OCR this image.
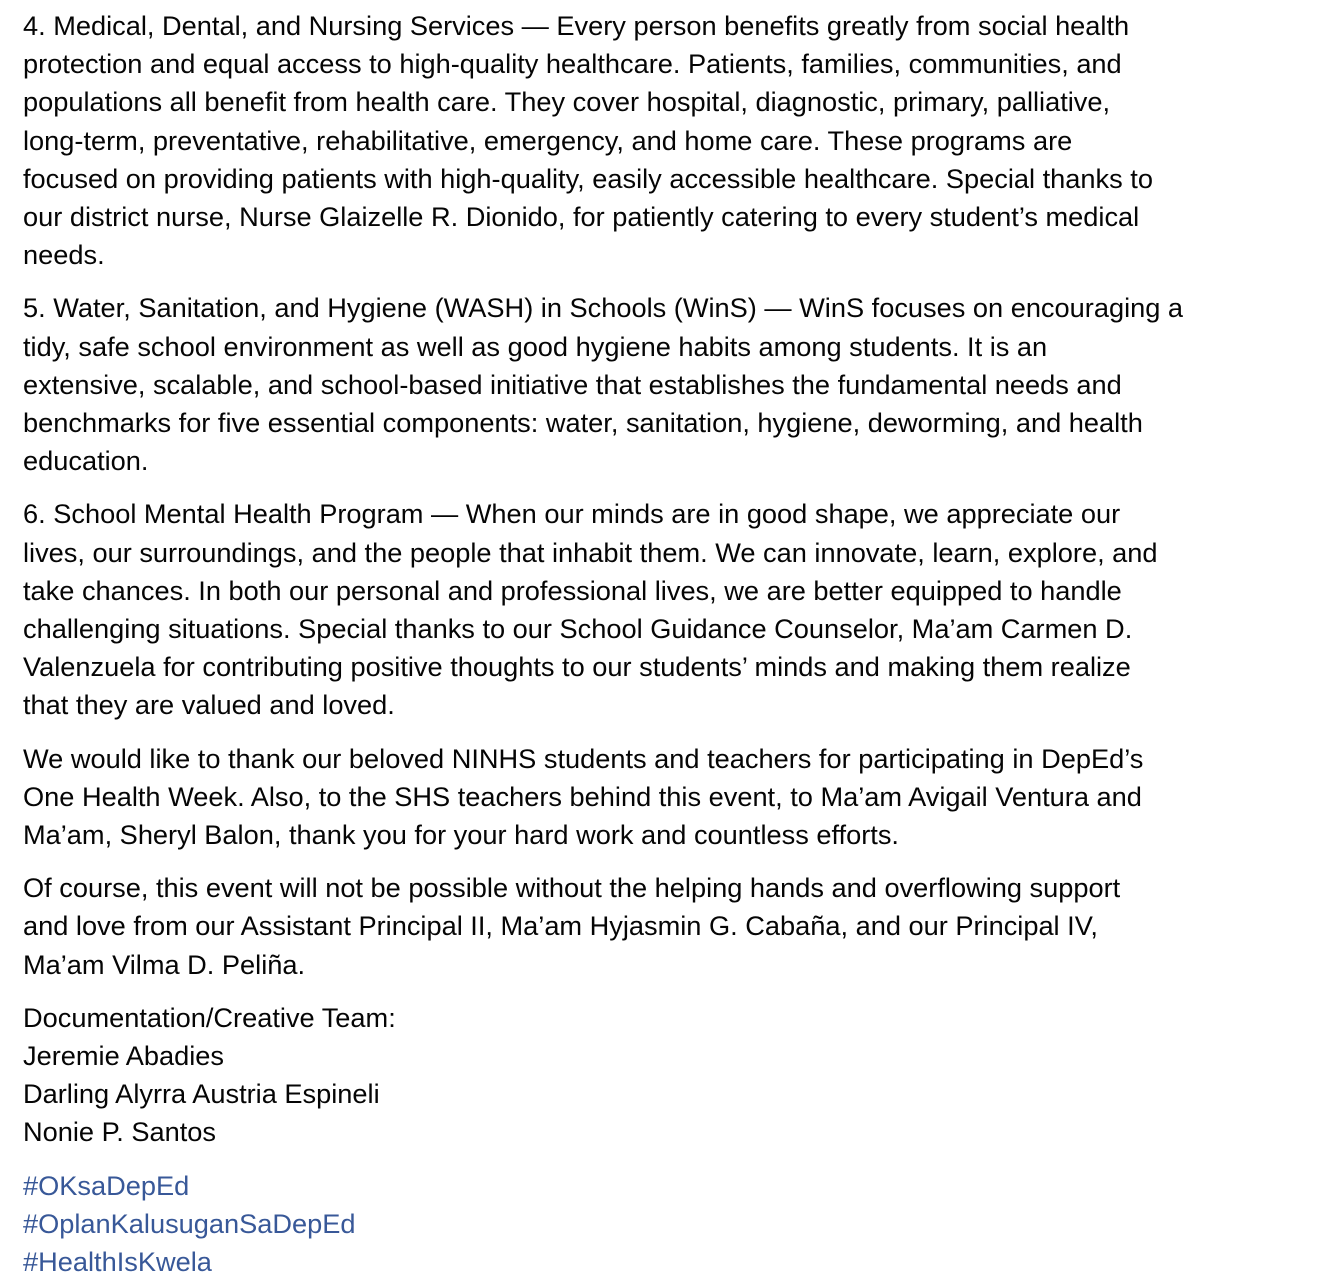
4. Medical, Dental, and Nursing Services — Every person benefits greatly from social health
protection and equal access to high-quality healthcare. Patients, families, communities, and
populations all benefit from health care. They cover hospital, diagnostic, primary, palliative,
long-term, preventative, rehabilitative, emergency, and home care. These programs are
focused on providing patients with high-quality, easily accessible healthcare. Special thanks to
our district nurse, Nurse Glaizelle R. Dionido, for patiently catering to every student’s medical
needs.

5. Water, Sanitation, and Hygiene (WASH) in Schools (WinS) — WinS focuses on encouraging a
tidy, safe school environment as well as good hygiene habits among students. It is an
extensive, scalable, and school-based initiative that establishes the fundamental needs and
benchmarks for five essential components: water, sanitation, hygiene, deworming, and health
education.

6. School Mental Health Program — When our minds are in good shape, we appreciate our
lives, our surroundings, and the people that inhabit them. We can innovate, learn, explore, and
take chances. In both our personal and professional lives, we are better equipped to handle
challenging situations. Special thanks to our School Guidance Counselor, Ma’am Carmen D.
Valenzuela for contributing positive thoughts to our students’ minds and making them realize
that they are valued and loved.

We would like to thank our beloved NINHS students and teachers for participating in DepEd’s
One Health Week. Also, to the SHS teachers behind this event, to Ma’am Avigail Ventura and
Ma’am, Sheryl Balon, thank you for your hard work and countless efforts.

Of course, this event will not be possible without the helping hands and overflowing support
and love from our Assistant Principal II, Ma’am Hyjasmin G. Cabaña, and our Principal IV,
Ma’am Vilma D. Peliña.

Documentation/Creative Team:
Jeremie Abadies
Darling Alyrra Austria Espineli
Nonie P. Santos
#OKsaDepEd
#OplanKalusuganSaDepEd
#HealthIsKwela
